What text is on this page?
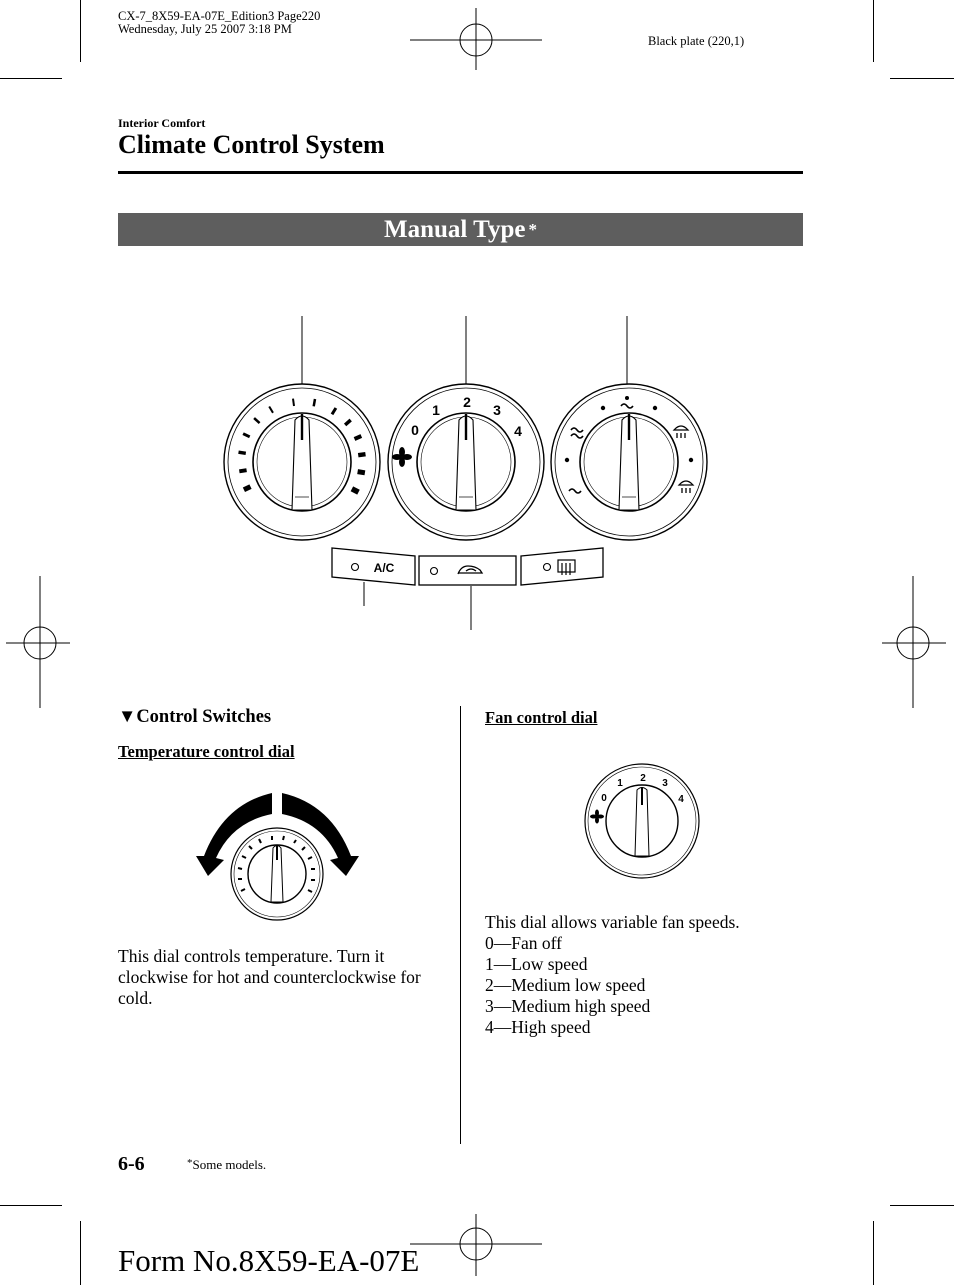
CX-7_8X59-EA-07E_Edition3 Page220
Wednesday, July 25 2007 3:18 PM
Black plate (220,1)
Interior Comfort
Climate Control System
Manual Type *
0
1 2 3
4
A/C
▼Control Switches
Temperature control dial
This dial controls temperature. Turn it clockwise for hot and counterclockwise for cold.
Fan control dial
0
1 2 3
4
This dial allows variable fan speeds.
0—Fan off
1—Low speed
2—Medium low speed
3—Medium high speed
4—High speed
6-6	*Some models.
Form No.8X59-EA-07E
